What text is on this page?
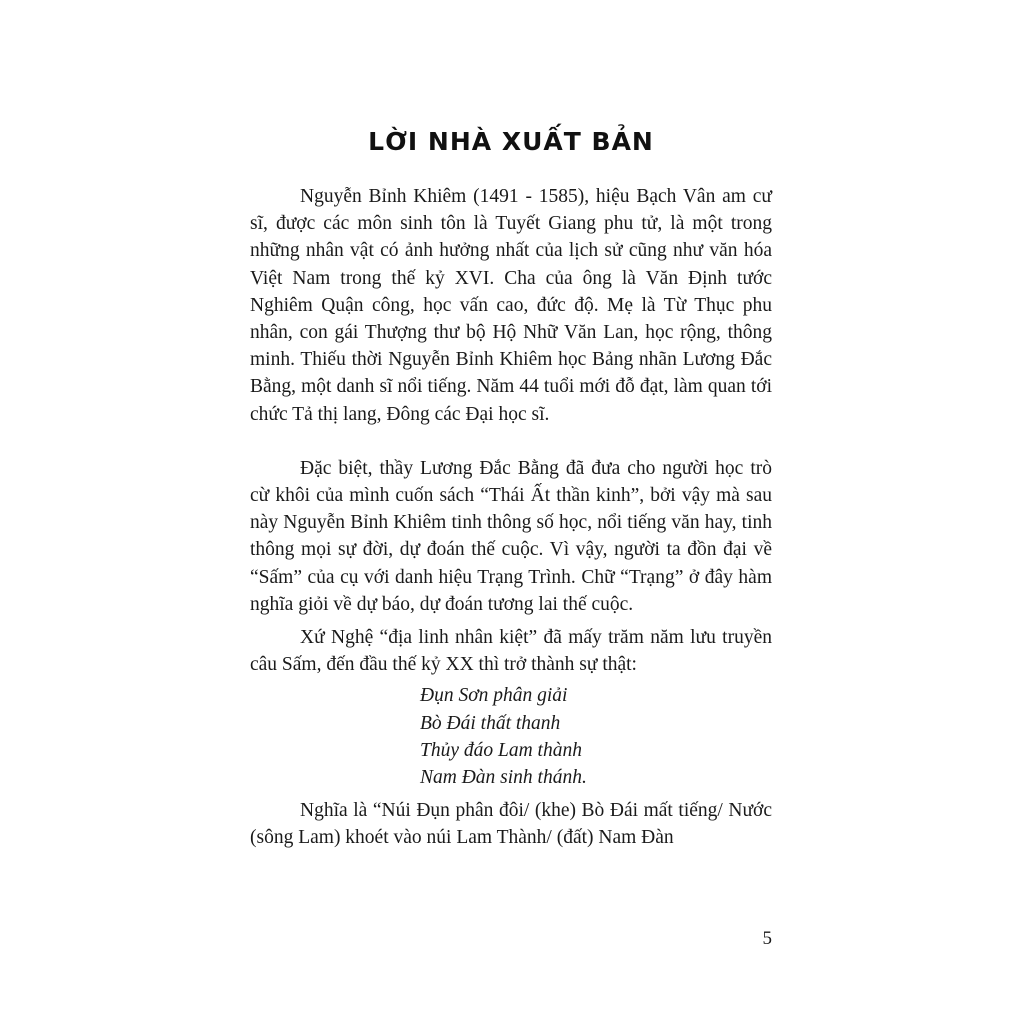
LỜI NHÀ XUẤT BẢN

Nguyễn Bỉnh Khiêm (1491 - 1585), hiệu Bạch Vân am cư sĩ, được các môn sinh tôn là Tuyết Giang phu tử, là một trong những nhân vật có ảnh hưởng nhất của lịch sử cũng như văn hóa Việt Nam trong thế kỷ XVI. Cha của ông là Văn Định tước Nghiêm Quận công, học vấn cao, đức độ. Mẹ là Từ Thục phu nhân, con gái Thượng thư bộ Hộ Nhữ Văn Lan, học rộng, thông minh. Thiếu thời Nguyễn Bỉnh Khiêm học Bảng nhãn Lương Đắc Bằng, một danh sĩ nổi tiếng. Năm 44 tuổi mới đỗ đạt, làm quan tới chức Tả thị lang, Đông các Đại học sĩ.

Đặc biệt, thầy Lương Đắc Bằng đã đưa cho người học trò cừ khôi của mình cuốn sách “Thái Ất thần kinh”, bởi vậy mà sau này Nguyễn Bỉnh Khiêm tinh thông số học, nổi tiếng văn hay, tinh thông mọi sự đời, dự đoán thế cuộc. Vì vậy, người ta đồn đại về “Sấm” của cụ với danh hiệu Trạng Trình. Chữ “Trạng” ở đây hàm nghĩa giỏi về dự báo, dự đoán tương lai thế cuộc.

Xứ Nghệ “địa linh nhân kiệt” đã mấy trăm năm lưu truyền câu Sấm, đến đầu thế kỷ XX thì trở thành sự thật:

Đụn Sơn phân giải
Bò Đái thất thanh
Thủy đáo Lam thành
Nam Đàn sinh thánh.

Nghĩa là “Núi Đụn phân đôi/ (khe) Bò Đái mất tiếng/ Nước (sông Lam) khoét vào núi Lam Thành/ (đất) Nam Đàn

5
